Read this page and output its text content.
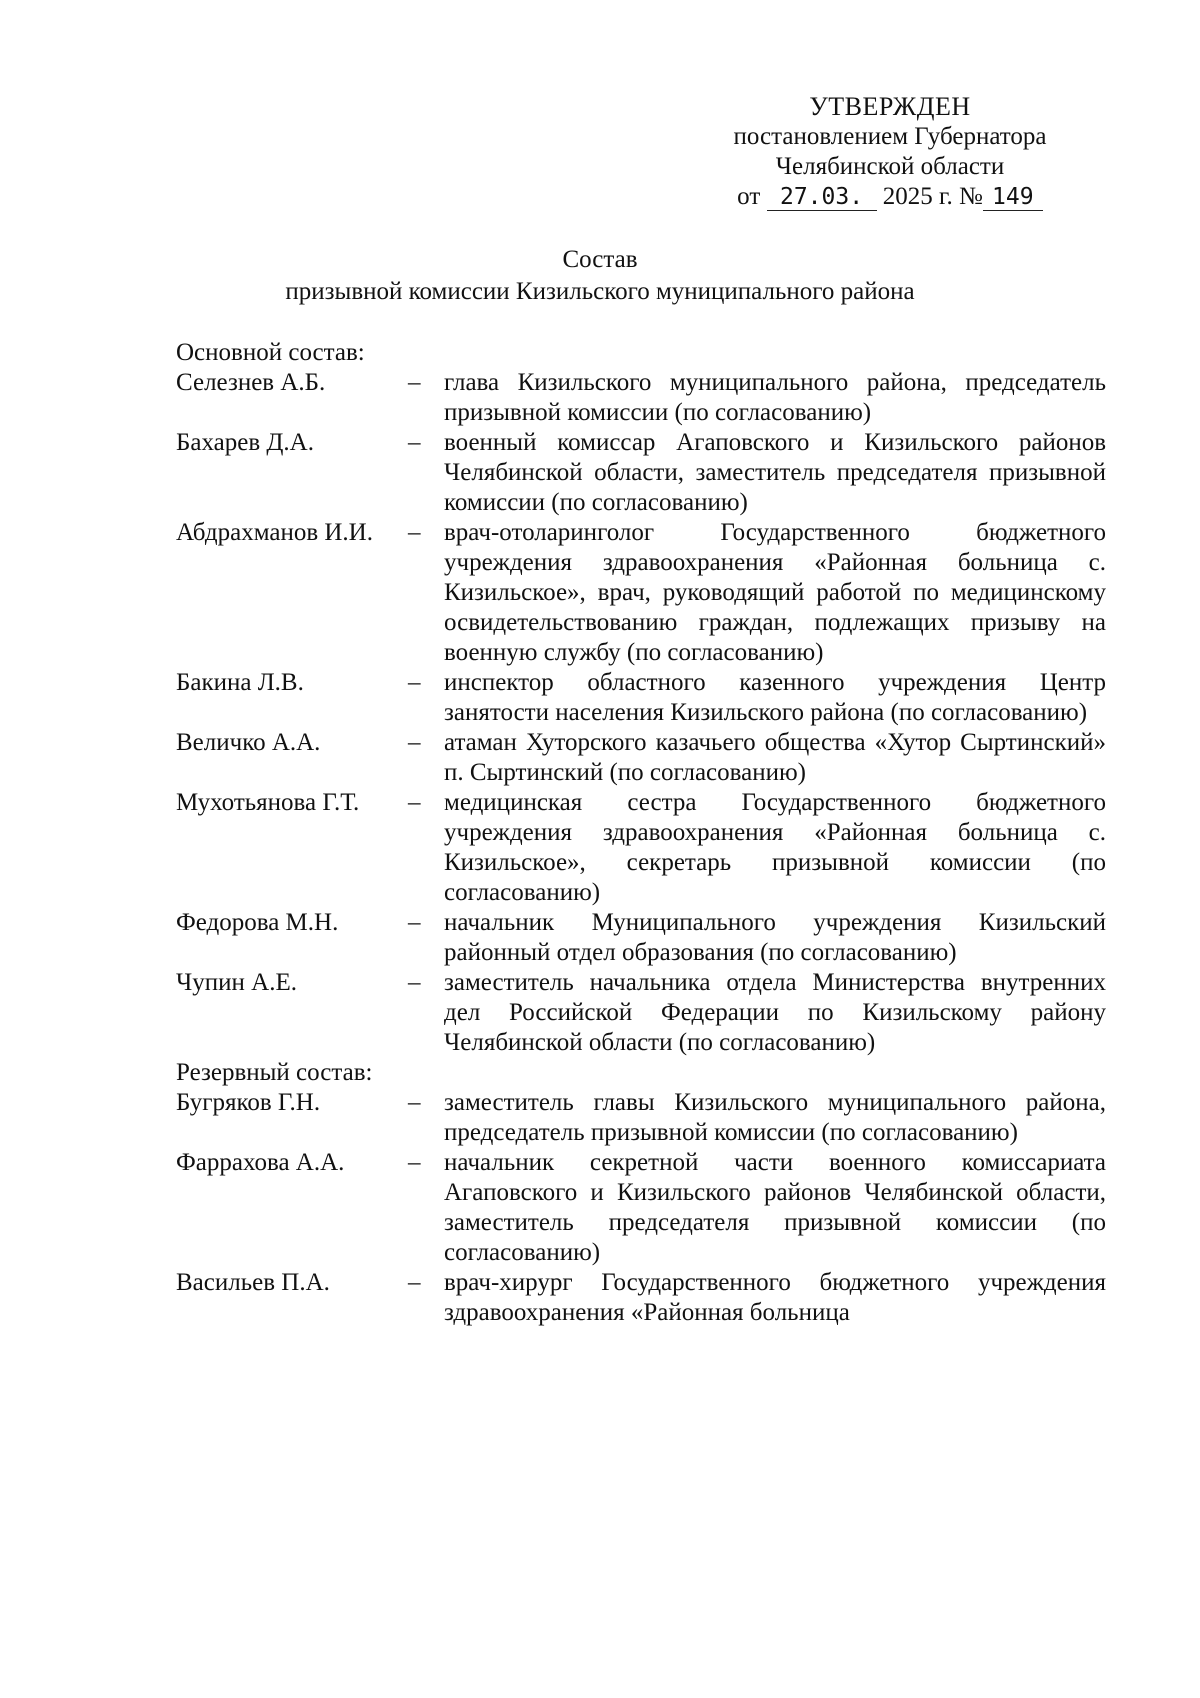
УТВЕРЖДЕН
постановлением Губернатора
Челябинской области
от 27.03. 2025 г. № 149
Состав
призывной комиссии Кизильского муниципального района
Основной состав:
Селезнев А.Б.	– глава Кизильского муниципального района, председатель призывной комиссии (по согласованию)
Бахарев Д.А.	– военный комиссар Агаповского и Кизильского районов Челябинской области, заместитель председателя призывной комиссии (по согласованию)
Абдрахманов И.И.	– врач-отоларинголог Государственного бюджетного учреждения здравоохранения «Районная больница с. Кизильское», врач, руководящий работой по медицинскому освидетельствованию граждан, подлежащих призыву на военную службу (по согласованию)
Бакина Л.В.	– инспектор областного казенного учреждения Центр занятости населения Кизильского района (по согласованию)
Величко А.А.	– атаман Хуторского казачьего общества «Хутор Сыртинский» п. Сыртинский (по согласованию)
Мухотьянова Г.Т.	– медицинская сестра Государственного бюджетного учреждения здравоохранения «Районная больница с. Кизильское», секретарь призывной комиссии (по согласованию)
Федорова М.Н.	– начальник Муниципального учреждения Кизильский районный отдел образования (по согласованию)
Чупин А.Е.	– заместитель начальника отдела Министерства внутренних дел Российской Федерации по Кизильскому району Челябинской области (по согласованию)
Резервный состав:
Бугряков Г.Н.	– заместитель главы Кизильского муниципального района, председатель призывной комиссии (по согласованию)
Фаррахова А.А.	– начальник секретной части военного комиссариата Агаповского и Кизильского районов Челябинской области, заместитель председателя призывной комиссии (по согласованию)
Васильев П.А.	– врач-хирург Государственного бюджетного учреждения здравоохранения «Районная больница
